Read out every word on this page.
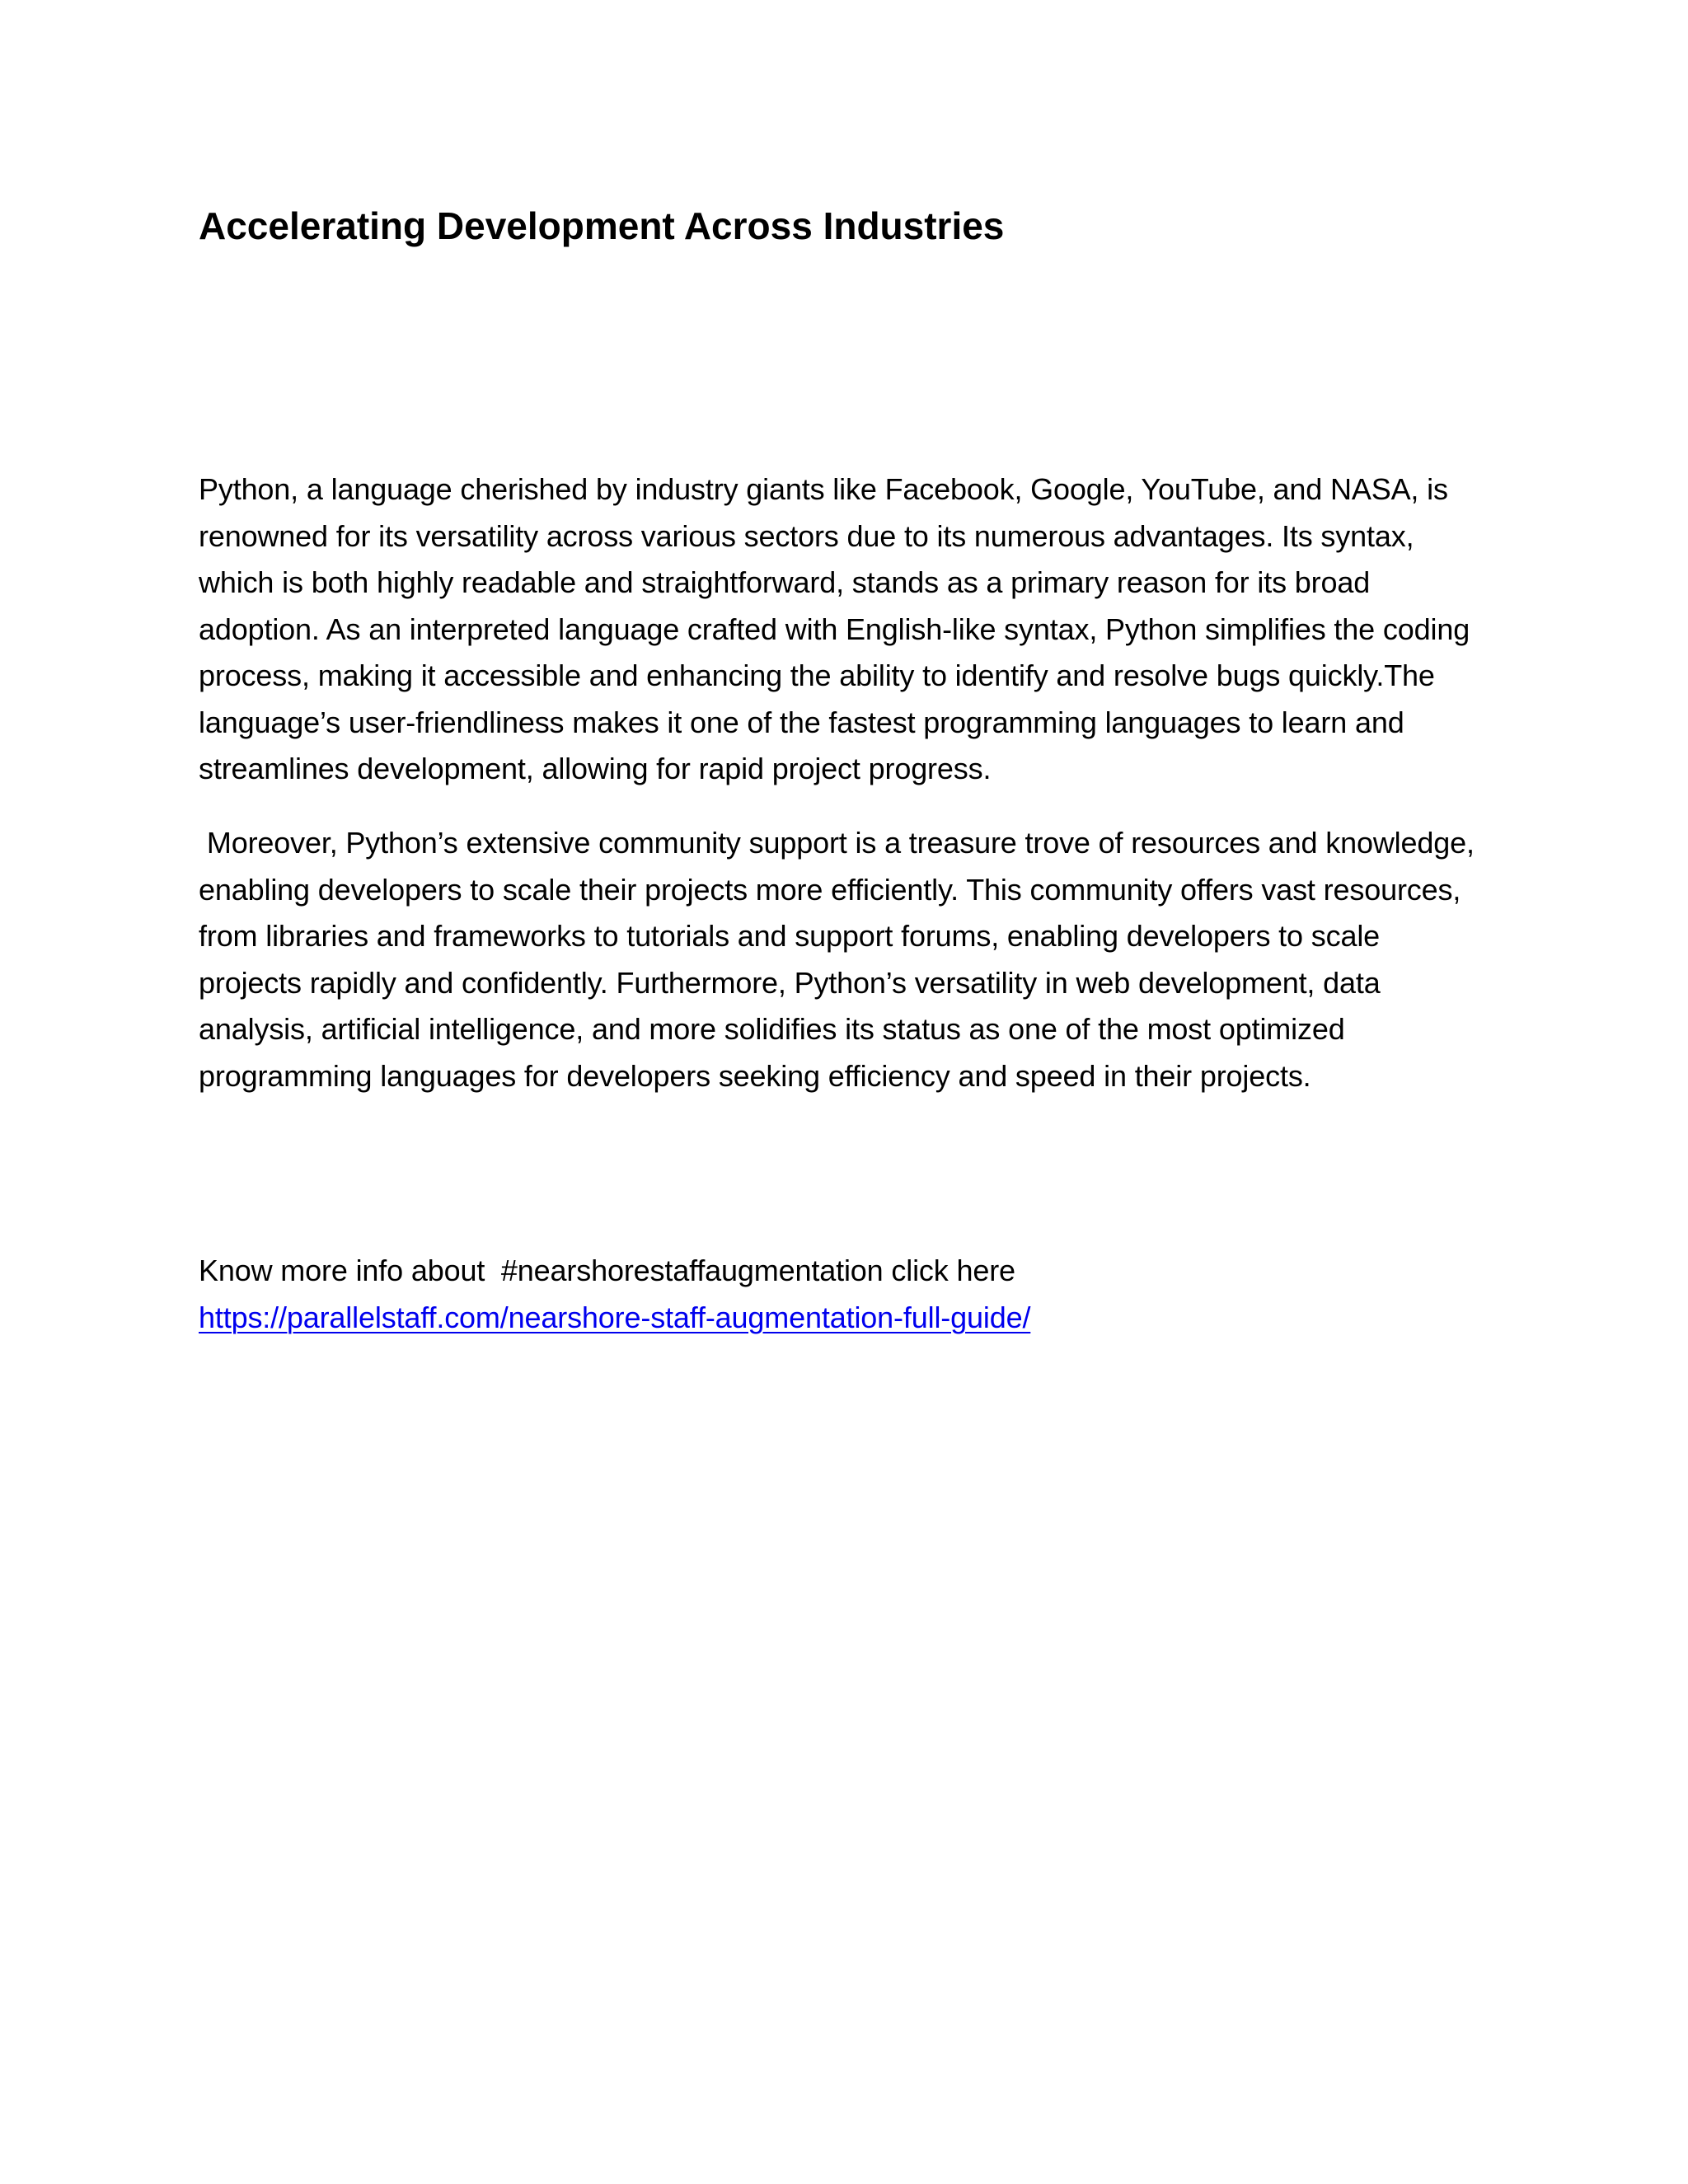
Accelerating Development Across Industries

Python, a language cherished by industry giants like Facebook, Google, YouTube, and NASA, is renowned for its versatility across various sectors due to its numerous advantages. Its syntax, which is both highly readable and straightforward, stands as a primary reason for its broad adoption. As an interpreted language crafted with English-like syntax, Python simplifies the coding process, making it accessible and enhancing the ability to identify and resolve bugs quickly.The language’s user-friendliness makes it one of the fastest programming languages to learn and streamlines development, allowing for rapid project progress.

Moreover, Python’s extensive community support is a treasure trove of resources and knowledge, enabling developers to scale their projects more efficiently. This community offers vast resources, from libraries and frameworks to tutorials and support forums, enabling developers to scale projects rapidly and confidently. Furthermore, Python’s versatility in web development, data analysis, artificial intelligence, and more solidifies its status as one of the most optimized programming languages for developers seeking efficiency and speed in their projects.

Know more info about  #nearshorestaffaugmentation click here
https://parallelstaff.com/nearshore-staff-augmentation-full-guide/
